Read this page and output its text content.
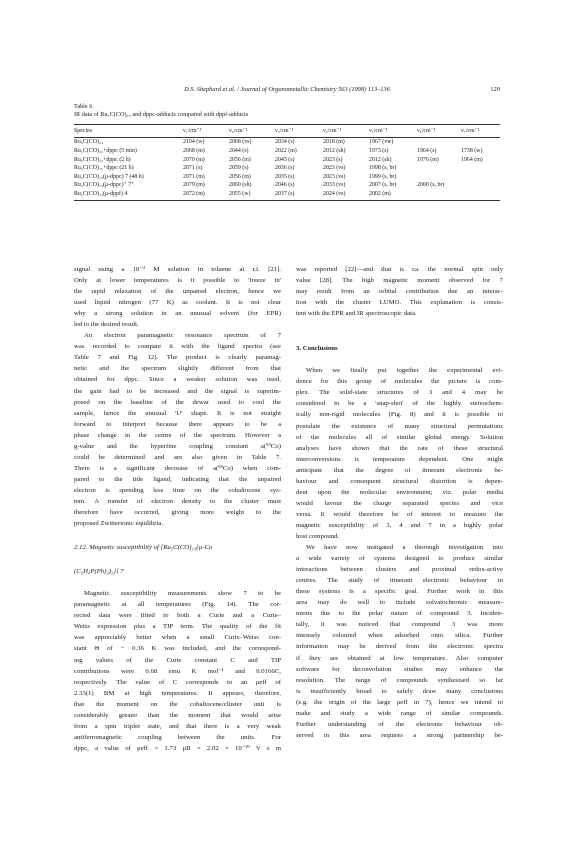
D.S. Shephard et al. / Journal of Organometallic Chemistry 563 (1998) 113–136	129
Table 6
IR data of Ru₅C(CO)₁₅ and dppc-adducts compared with dppf-adducts
Species	ν₁/cm⁻¹	ν₂/cm⁻¹	ν₃/cm⁻¹	ν₄/cm⁻¹	ν₅/cm⁻¹	ν₆/cm⁻¹	ν₇/cm⁻¹
Ru₅C(CO)₁₅	2104 (w)	2068 (vs)	2034 (s)	2018 (m)	1967 (vw)		
Ru₅C(CO)₁₅+dppc (5 min)	2068 (m)	2044 (s)	2022 (m)	2012 (sh)	1973 (s)	1964 (s)	1738 (w)
Ru₅C(CO)₁₅+dppc (2 h)	2070 (m)	2056 (m)	2045 (s)	2023 (s)	2012 (sh)	1976 (m)	1964 (m)
Ru₅C(CO)₁₅+dppc (21 h)	2071 (s)	2059 (s)	2036 (s)	2023 (vs)	1998 (s, br)		
Ru₅C(CO)₁₃(μ-dppc) 7 (48 h)	2071 (m)	2056 (m)	2035 (s)	2023 (vs)	1999 (s, br)		
Ru₅C(CO)₁₃(μ-dppc)⁺ 7⁺	2079 (m)	2060 (sh)	2046 (s)	2033 (vs)	2007 (s, br)	2000 (s, br)	
Ru₅C(CO)₁₃(μ-dppf) 4	2072 (m)	2055 (w)	2037 (s)	2024 (vs)	2002 (m)		

signal using a 10⁻³ M solution in toluene at r.t. [21].

Only at lower temperatures is it possible to 'freeze in'

the rapid relaxation of the unpaired electron, hence we

used liquid nitrogen (77 K) as coolant. It is not clear

why a strong solution in an unusual solvent (for EPR)

led to the desired result.

An electron paramagnetic resonance spectrum of 7

was recorded to compare it with the ligand spectra (see

Table 7 and Fig. 12). The product is clearly paramag-

netic and the spectrum slightly different from that

obtained for dppc. Since a weaker solution was used,

the gain had to be increased and the signal is superim-

posed on the baseline of the dewar used to cool the

sample, hence the unusual 'U' shape. It is not straight

forward to interpret because there appears to be a

phase change in the centre of the spectrum. However a

g-value and the hyperfine coupling constant a(⁵⁹Co)

could be determined and are also given in Table 7.

There is a significant decrease of a(⁵⁹Co) when com-

pared to the title ligand, indicating that the unpaired

electron is spending less time on the cobaltocene sys-

tem. A transfer of electron density to the cluster must

therefore have occurred, giving more weight to the

proposed Zwitterionic equilibria.

2.12. Magnetic susceptibility of [Ru₅C(CO)₁₃{μ-Co
(C₅H₄P(Ph)₂)₂}] 7

Magnetic susceptibility measurements show 7 to be

paramagnetic at all temperatures (Fig. 14). The cor-

rected data were fitted to both a Curie and a Curie–

Weiss expression plus a TIP term. The quality of the fit

was appreciably better when a small Curie–Weiss con-

stant Θ of − 0.36 K was included, and the correspond-

ing values of the Curie constant C and TIP

contributions were 0.68 emu K mol⁻¹ and 0.0166C,

respectively. The value of C corresponds to an μeff of

2.33(1) BM at high temperatures. It appears, therefore,

that the moment on the cobaltocene/cluster unit is

considerably greater than the moment that would arise

from a spin triplet state, and that there is a very weak

antiferromagnetic coupling between the units. For

dppc, a value of μeff = 1.73 μB = 2.02 × 10⁻²⁹ V s m

was reported [22]—and that is ca. the normal spin only

value [28]. The high magnetic moment observed for 7

may result from an orbital contribution due an interac-

tion with the cluster LUMO. This explanation is consis-

tent with the EPR and IR spectroscopic data.

3. Conclusions

When we finally put together the experimental evi-

dence for this group of molecules the picture is com-

plex. The solid-state structures of 3 and 4 may be

considered to be a 'snap-shot' of the highly stereochem-

ically non-rigid molecules (Fig. 8) and it is possible to

postulate the existence of many structural permutations

of the molecules all of similar global energy. Solution

analyses have shown that the rate of these structural

interconversions is temperature dependent. One might

anticipate that the degree of itinerant electronic be-

haviour and consequent structural distortion is depen-

dent upon the molecular environment; viz. polar media

would favour the charge separated species and vice

versa. It would therefore be of interest to measure the

magnetic susceptibility of 3, 4 and 7 in a highly polar

host compound.

We have now instigated a thorough investigation into

a wide variety of systems designed to produce similar

interactions between clusters and proximal redox-active

centres. The study of itinerant electronic behaviour in

these systems is a specific goal. Further work in this

area may do well to include solvatochromic measure-

ments due to the polar nature of compound 3. Inciden-

tally, it was noticed that compound 3 was more

intensely coloured when adsorbed onto silica. Further

information may be derived from the electronic spectra

if they are obtained at low temperature. Also computer

software for deconvolution studies may enhance the

resolution. The range of compounds synthesised so far

is insufficiently broad to safely draw many conclusions

(e.g. the origin of the large μeff in 7), hence we intend to

make and study a wide range of similar compounds.

Further understanding of the electronic behaviour ob-

served in this area requires a strong partnership be-
